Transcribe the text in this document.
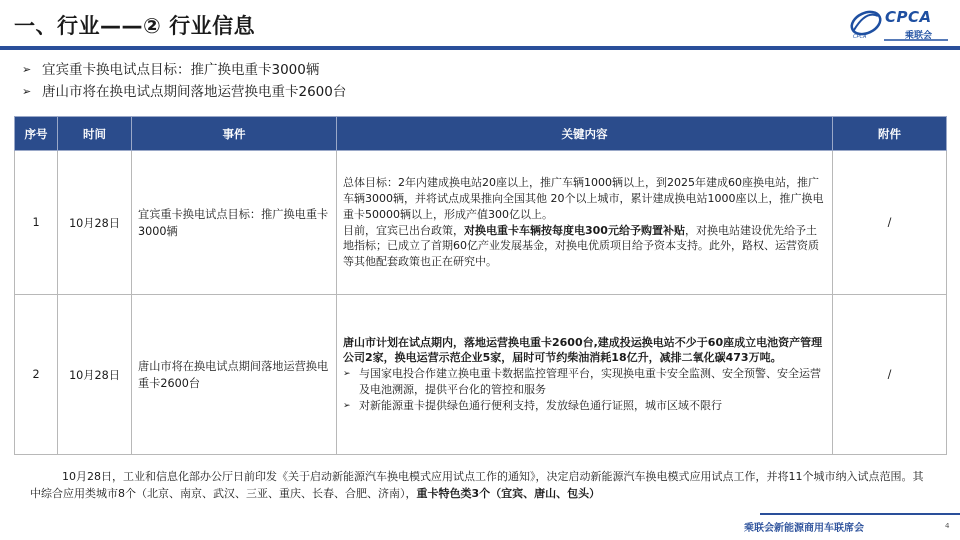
一、行业——② 行业信息	CPCA
乘联会
CPCA
➢ 宜宾重卡换电试点目标：推广换电重卡3000辆
➢ 唐山市将在换电试点期间落地运营换电重卡2600台
序号	时间	事件	关键内容	附件
1	10月28日	宜宾重卡换电试点目标：推广换电重卡3000辆	总体目标：2年内建成换电站20座以上，推广车辆1000辆以上，到2025年建成60座换电站，推广车辆3000辆，并将试点成果推向全国其他 20个以上城市，累计建成换电站1000座以上，推广换电重卡50000辆以上，形成产值300亿以上。
目前，宜宾已出台政策，对换电重卡车辆按每度电300元给予购置补贴，对换电站建设优先给予土地指标；已成立了首期60亿产业发展基金，对换电优质项目给予资本支持。此外，路权、运营资质等其他配套政策也正在研究中。	/
2	10月28日	唐山市将在换电试点期间落地运营换电重卡2600台	唐山市计划在试点期内，落地运营换电重卡2600台,建成投运换电站不少于60座成立电池资产管理公司2家，换电运营示范企业5家，届时可节约柴油消耗18亿升，减排二氧化碳473万吨。
➢ 与国家电投合作建立换电重卡数据监控管理平台，实现换电重卡安全监测、安全预警、安全运营及电池溯源，提供平台化的管控和服务
➢ 对新能源重卡提供绿色通行便利支持，发放绿色通行证照，城市区域不限行	/
10月28日，工业和信息化部办公厅日前印发《关于启动新能源汽车换电模式应用试点工作的通知》，决定启动新能源汽车换电模式应用试点工作，并将11个城市纳入试点范围。其中综合应用类城市8个（北京、南京、武汉、三亚、重庆、长春、合肥、济南），重卡特色类3个（宜宾、唐山、包头）
乘联会新能源商用车联席会	4
